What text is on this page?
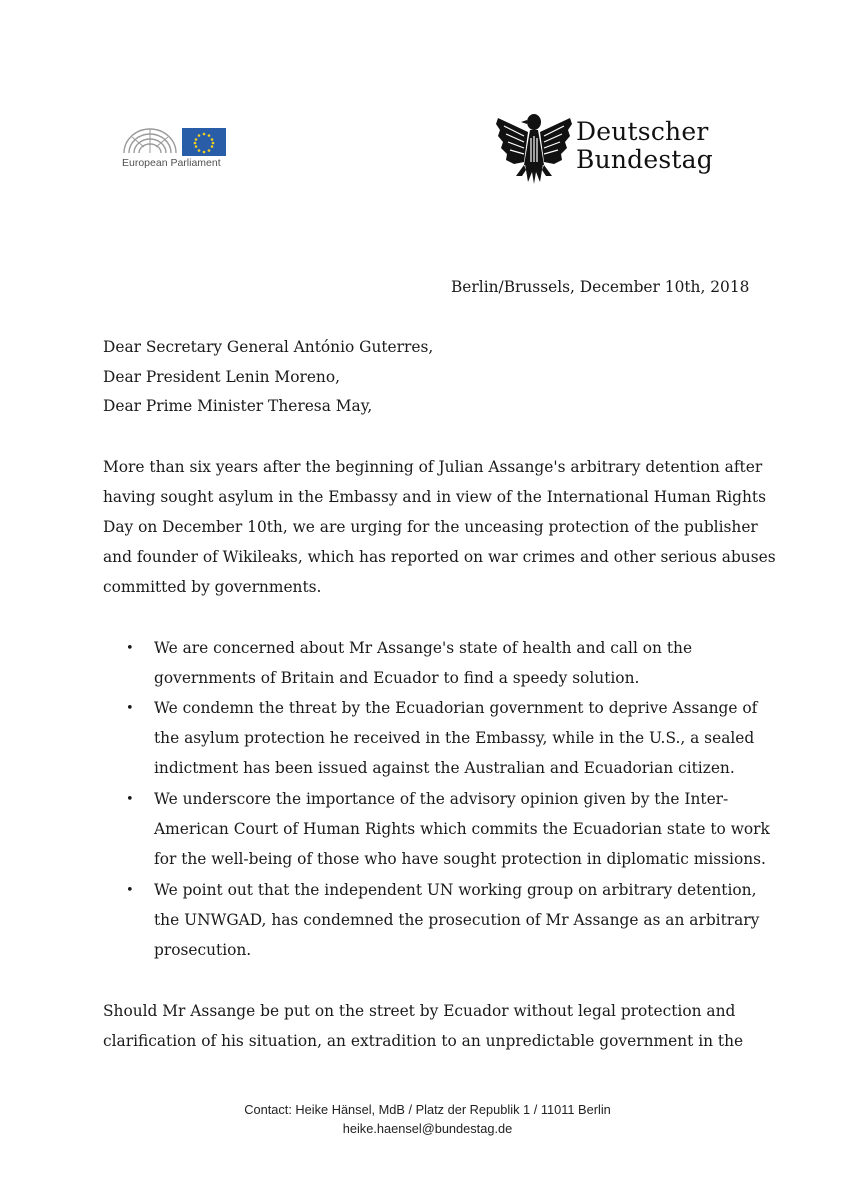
European Parliament
Deutscher
Bundestag
Berlin/Brussels, December 10th, 2018
Dear Secretary General António Guterres,
Dear President Lenin Moreno,
Dear Prime Minister Theresa May,
More than six years after the beginning of Julian Assange's arbitrary detention after
having sought asylum in the Embassy and in view of the International Human Rights
Day on December 10th, we are urging for the unceasing protection of the publisher
and founder of Wikileaks, which has reported on war crimes and other serious abuses
committed by governments.
• We are concerned about Mr Assange's state of health and call on the
governments of Britain and Ecuador to find a speedy solution.
• We condemn the threat by the Ecuadorian government to deprive Assange of
the asylum protection he received in the Embassy, while in the U.S., a sealed
indictment has been issued against the Australian and Ecuadorian citizen.
• We underscore the importance of the advisory opinion given by the Inter-
American Court of Human Rights which commits the Ecuadorian state to work
for the well-being of those who have sought protection in diplomatic missions.
• We point out that the independent UN working group on arbitrary detention,
the UNWGAD, has condemned the prosecution of Mr Assange as an arbitrary
prosecution.
Should Mr Assange be put on the street by Ecuador without legal protection and
clarification of his situation, an extradition to an unpredictable government in the
Contact: Heike Hänsel, MdB / Platz der Republik 1 / 11011 Berlin
heike.haensel@bundestag.de
